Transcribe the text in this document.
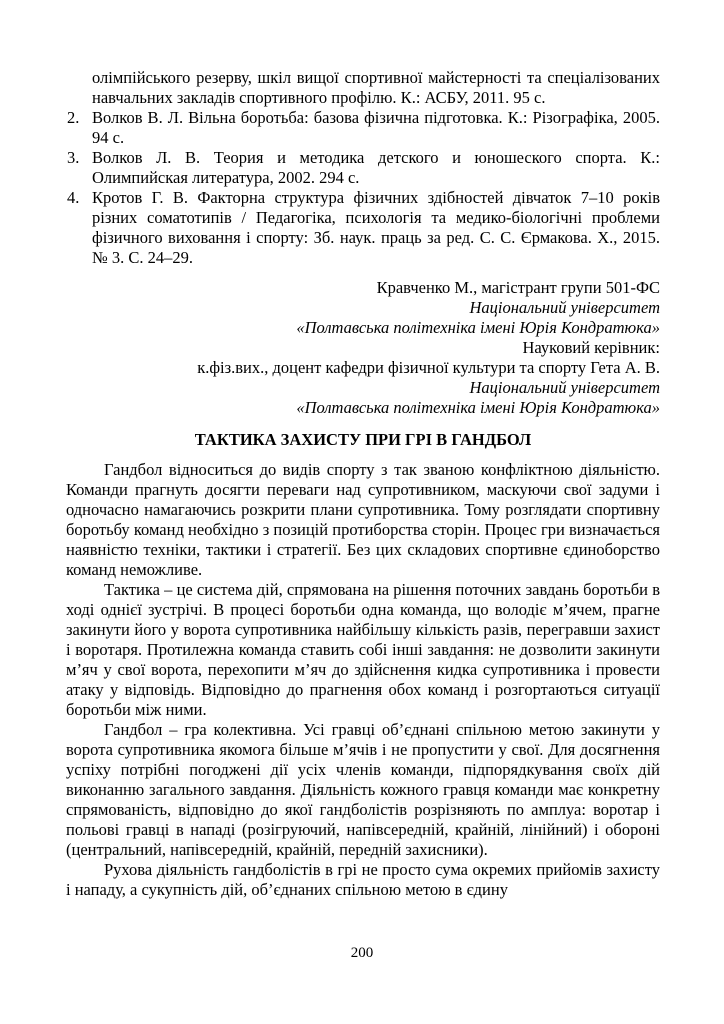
олімпійського резерву, шкіл вищої спортивної майстерності та спеціалізованих навчальних закладів спортивного профілю. К.: АСБУ, 2011. 95 с.
2. Волков В. Л. Вільна боротьба: базова фізична підготовка. К.: Різографіка, 2005. 94 с.
3. Волков Л. В. Теория и методика детского и юношеского спорта. К.: Олимпийская литература, 2002. 294 с.
4. Кротов Г. В. Факторна структура фізичних здібностей дівчаток 7–10 років різних соматотипів / Педагогіка, психологія та медико-біологічні проблеми фізичного виховання і спорту: Зб. наук. праць за ред. С. С. Єрмакова. Х., 2015. № 3. С. 24–29.
Кравченко М., магістрант групи 501-ФС
Національний університет
«Полтавська політехніка імені Юрія Кондратюка»
Науковий керівник:
к.фіз.вих., доцент кафедри фізичної культури та спорту Гета А. В.
Національний університет
«Полтавська політехніка імені Юрія Кондратюка»
ТАКТИКА ЗАХИСТУ ПРИ ГРІ В ГАНДБОЛ

Гандбол відноситься до видів спорту з так званою конфліктною діяльністю. Команди прагнуть досягти переваги над супротивником, маскуючи свої задуми і одночасно намагаючись розкрити плани супротивника. Тому розглядати спортивну боротьбу команд необхідно з позицій протиборства сторін. Процес гри визначається наявністю техніки, тактики і стратегії. Без цих складових спортивне єдиноборство команд неможливе.

Тактика – це система дій, спрямована на рішення поточних завдань боротьби в ході однієї зустрічі. В процесі боротьби одна команда, що володіє м’ячем, прагне закинути його у ворота супротивника найбільшу кількість разів, перегравши захист і воротаря. Протилежна команда ставить собі інші завдання: не дозволити закинути м’яч у свої ворота, перехопити м’яч до здійснення кидка супротивника і провести атаку у відповідь. Відповідно до прагнення обох команд і розгортаються ситуації боротьби між ними.

Гандбол – гра колективна. Усі гравці об’єднані спільною метою закинути у ворота супротивника якомога більше м’ячів і не пропустити у свої. Для досягнення успіху потрібні погоджені дії усіх членів команди, підпорядкування своїх дій виконанню загального завдання. Діяльність кожного гравця команди має конкретну спрямованість, відповідно до якої гандболістів розрізняють по амплуа: воротар і польові гравці в нападі (розігруючий, напівсередній, крайній, лінійний) і обороні (центральний, напівсередній, крайній, передній захисники).

Рухова діяльність гандболістів в грі не просто сума окремих прийомів захисту і нападу, а сукупність дій, об’єднаних спільною метою в єдину

200
